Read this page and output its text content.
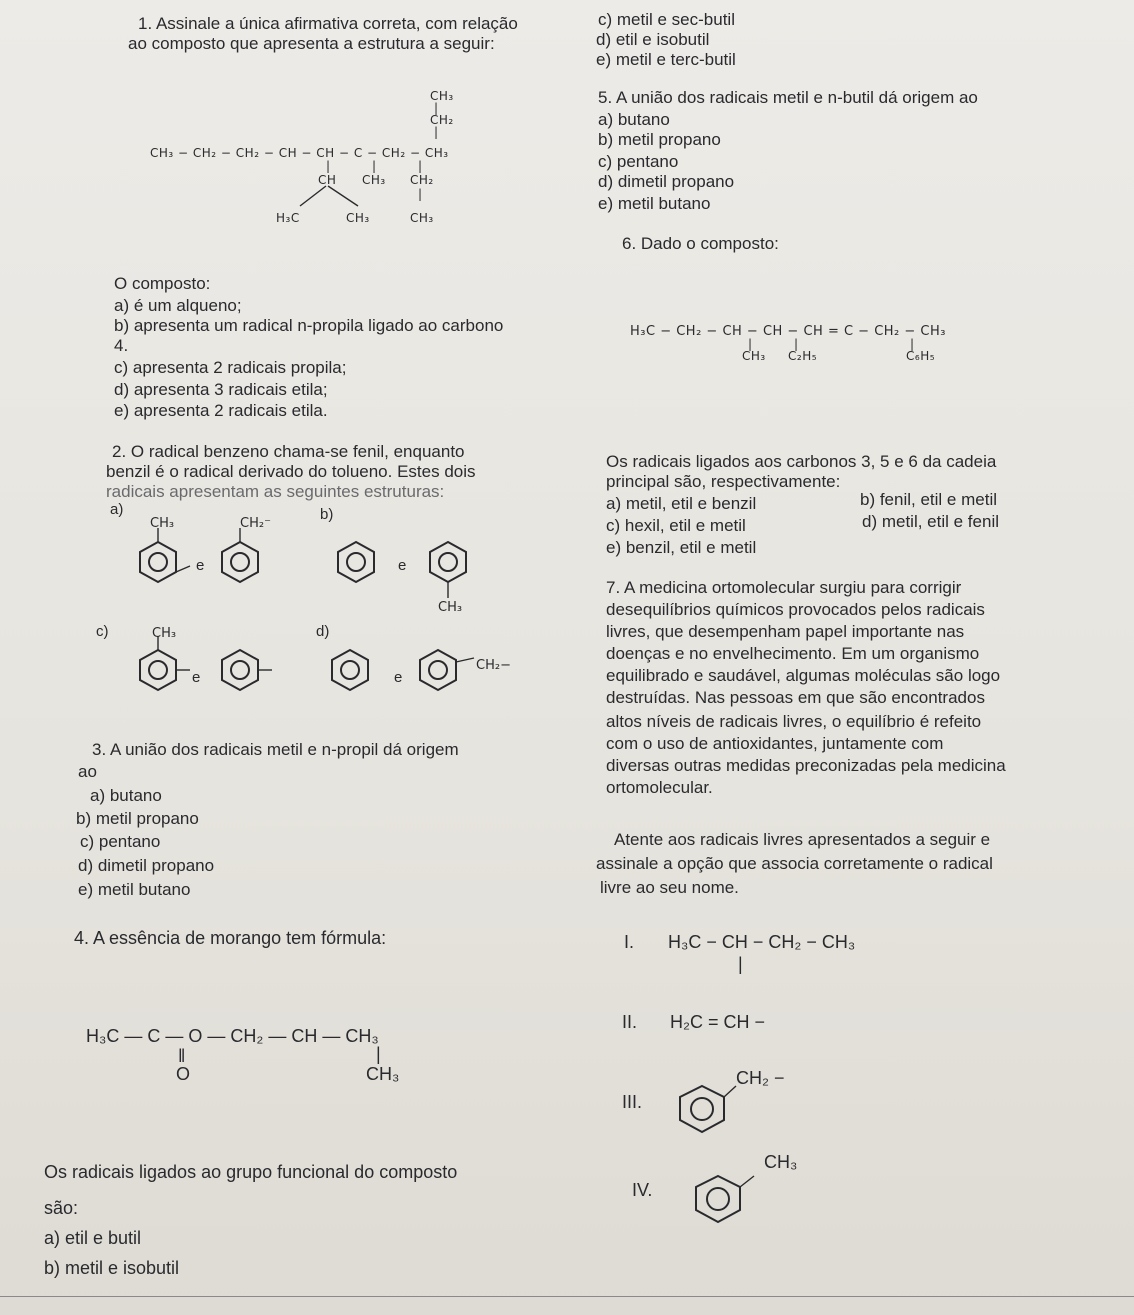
1. Assinale a única afirmativa correta, com relação
ao composto que apresenta a estrutura a seguir:
CH₃
|
CH₂
|
CH₃ − CH₂ − CH₂ − CH − CH − C − CH₂ − CH₃
|	|	|
CH CH₃ CH₂
|
H₃C	CH₃	CH₃
O composto:
a) é um alqueno;
b) apresenta um radical n-propila ligado ao carbono
4.
c) apresenta 2 radicais propila;
d) apresenta 3 radicais etila;
e) apresenta 2 radicais etila.
2. O radical benzeno chama-se fenil, enquanto
benzil é o radical derivado do tolueno. Estes dois
radicais apresentam as seguintes estruturas:
a)
CH₃	CH₂⁻
b)
e	e
CH₃
c)	CH₃	d)
e	e
CH₂−
3. A união dos radicais metil e n-propil dá origem
ao
a) butano
b) metil propano
c) pentano
d) dimetil propano
e) metil butano
4. A essência de morango tem fórmula:
H₃C — C — O — CH₂ — CH — CH₃
‖
O
|
CH₃
Os radicais ligados ao grupo funcional do composto
são:
a) etil e butil
b) metil e isobutil
c) metil e sec-butil
d) etil e isobutil
e) metil e terc-butil
5. A união dos radicais metil e n-butil dá origem ao
a) butano
b) metil propano
c) pentano
d) dimetil propano
e) metil butano
6. Dado o composto:
H₃C − CH₂ − CH − CH − CH = C − CH₂ − CH₃
|	|	|
CH₃ C₂H₅	C₆H₅
Os radicais ligados aos carbonos 3, 5 e 6 da cadeia
principal são, respectivamente:
a) metil, etil e benzil	b) fenil, etil e metil
c) hexil, etil e metil	d) metil, etil e fenil
e) benzil, etil e metil
7. A medicina ortomolecular surgiu para corrigir
desequilíbrios químicos provocados pelos radicais
livres, que desempenham papel importante nas
doenças e no envelhecimento. Em um organismo
equilibrado e saudável, algumas moléculas são logo
destruídas. Nas pessoas em que são encontrados
altos níveis de radicais livres, o equilíbrio é refeito
com o uso de antioxidantes, juntamente com
diversas outras medidas preconizadas pela medicina
ortomolecular.
Atente aos radicais livres apresentados a seguir e
assinale a opção que associa corretamente o radical
livre ao seu nome.
I. H₃C − CH − CH₂ − CH₃
|
II. H₂C = CH −
III.
CH₂ −
IV.
CH₃
